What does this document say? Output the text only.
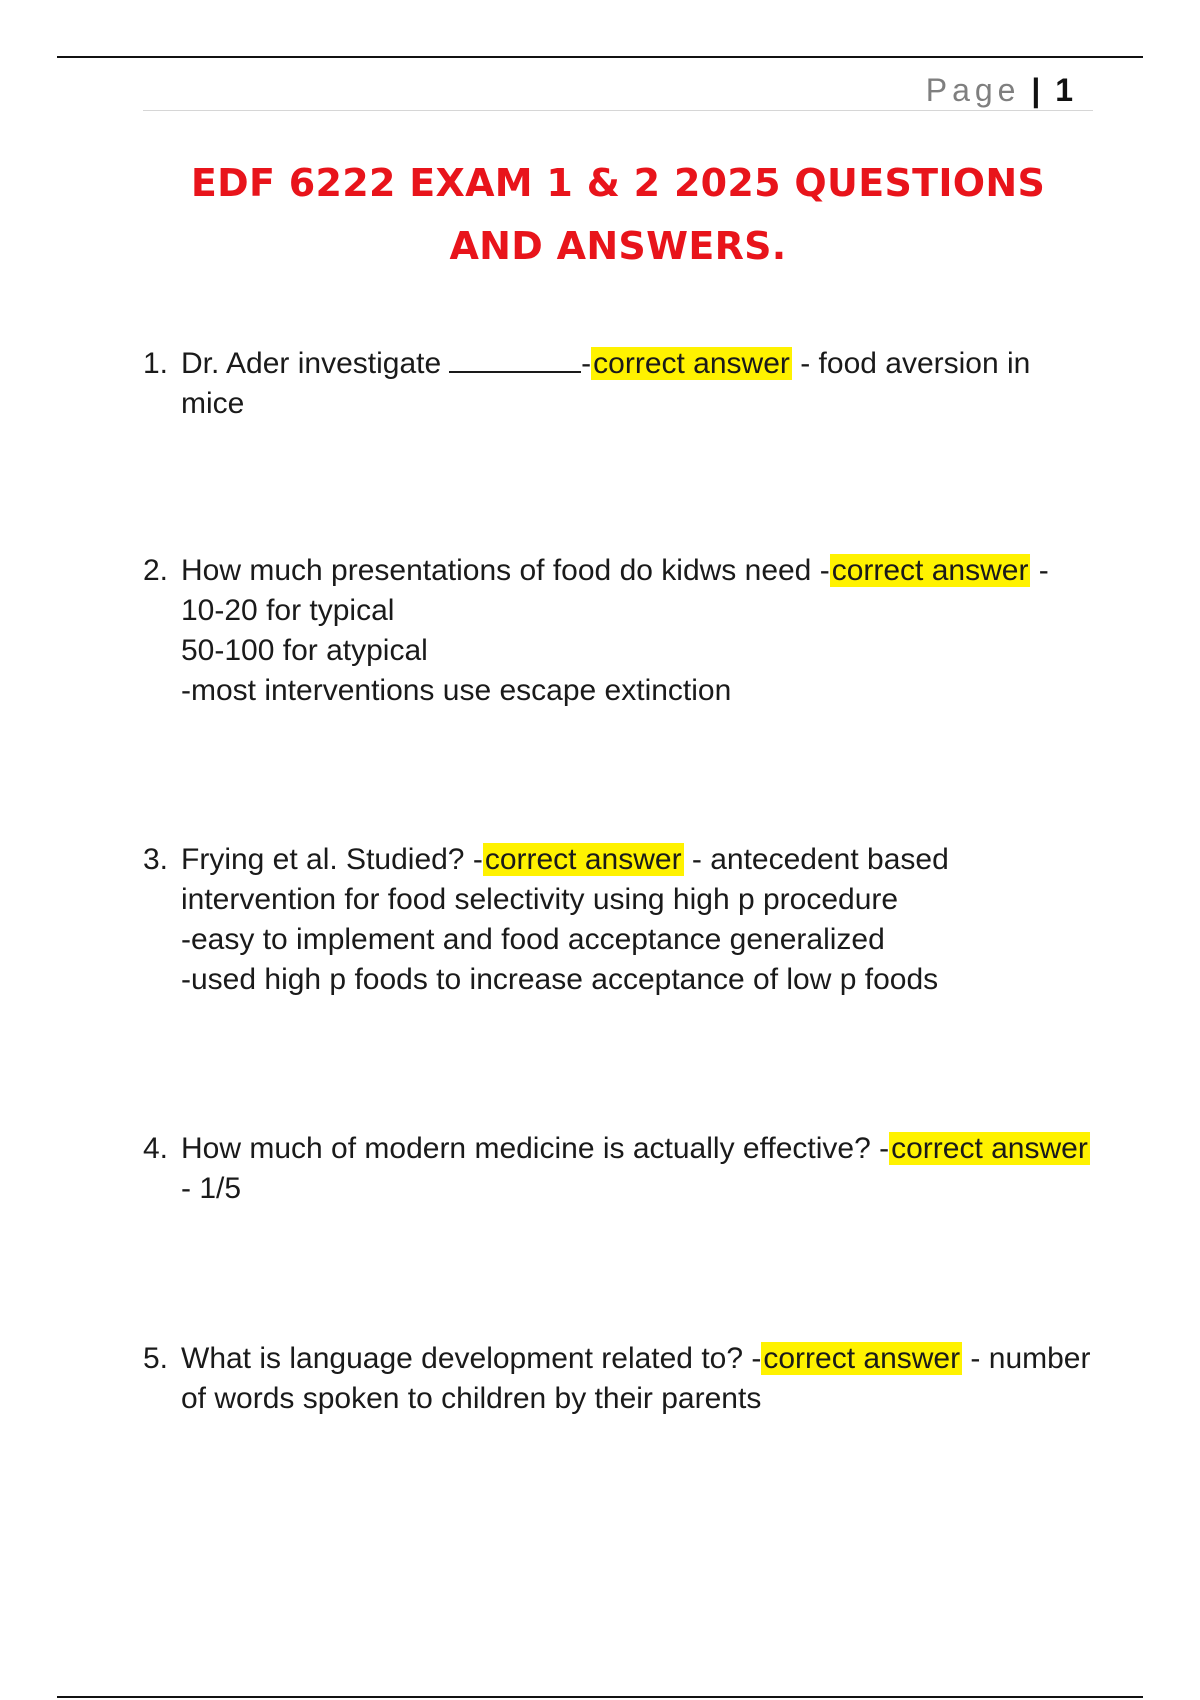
Page | 1
EDF 6222 EXAM 1 & 2 2025 QUESTIONS
AND ANSWERS.
1. Dr. Ader investigate	-correct answer - food aversion in mice
2. How much presentations of food do kidws need -correct answer - 10-20 for typical
50-100 for atypical
-most interventions use escape extinction
3. Frying et al. Studied? -correct answer - antecedent based intervention for food selectivity using high p procedure
-easy to implement and food acceptance generalized
-used high p foods to increase acceptance of low p foods
4. How much of modern medicine is actually effective? -correct answer - 1/5
5. What is language development related to? -correct answer - number of words spoken to children by their parents
